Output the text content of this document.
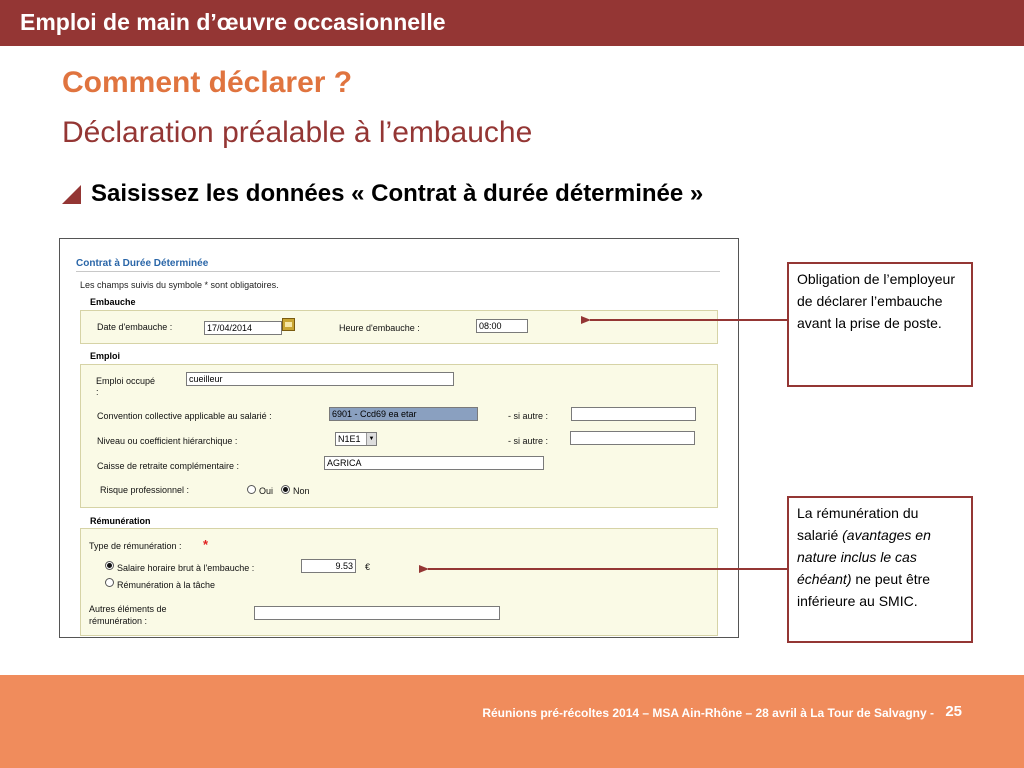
Emploi de main d’œuvre occasionnelle
Comment déclarer ?
Déclaration préalable à l’embauche
Saisissez les données « Contrat à durée déterminée »
Contrat à Durée Déterminée
Les champs suivis du symbole * sont obligatoires.
Embauche
Date d'embauche :	17/04/2014	Heure d'embauche :	08:00
Emploi
Emploi occupé
:
cueilleur
Convention collective applicable au salarié :	6901 - Ccd69 ea etar	- si autre :
Niveau ou coefficient hiérarchique :	N1E1	▼	- si autre :
Caisse de retraite complémentaire :	AGRICA
Risque professionnel :	Oui Non
Rémunération
Type de rémunération : *
Salaire horaire brut à l'embauche :	9.53	€
Rémunération à la tâche
Autres éléments de
rémunération :
Obligation de l’employeur de déclarer l’embauche avant la prise de poste.
La rémunération du salarié (avantages en nature inclus le cas échéant) ne peut être inférieure au SMIC.
Réunions pré-récoltes 2014 – MSA Ain-Rhône – 28 avril à La Tour de Salvagny - 25
